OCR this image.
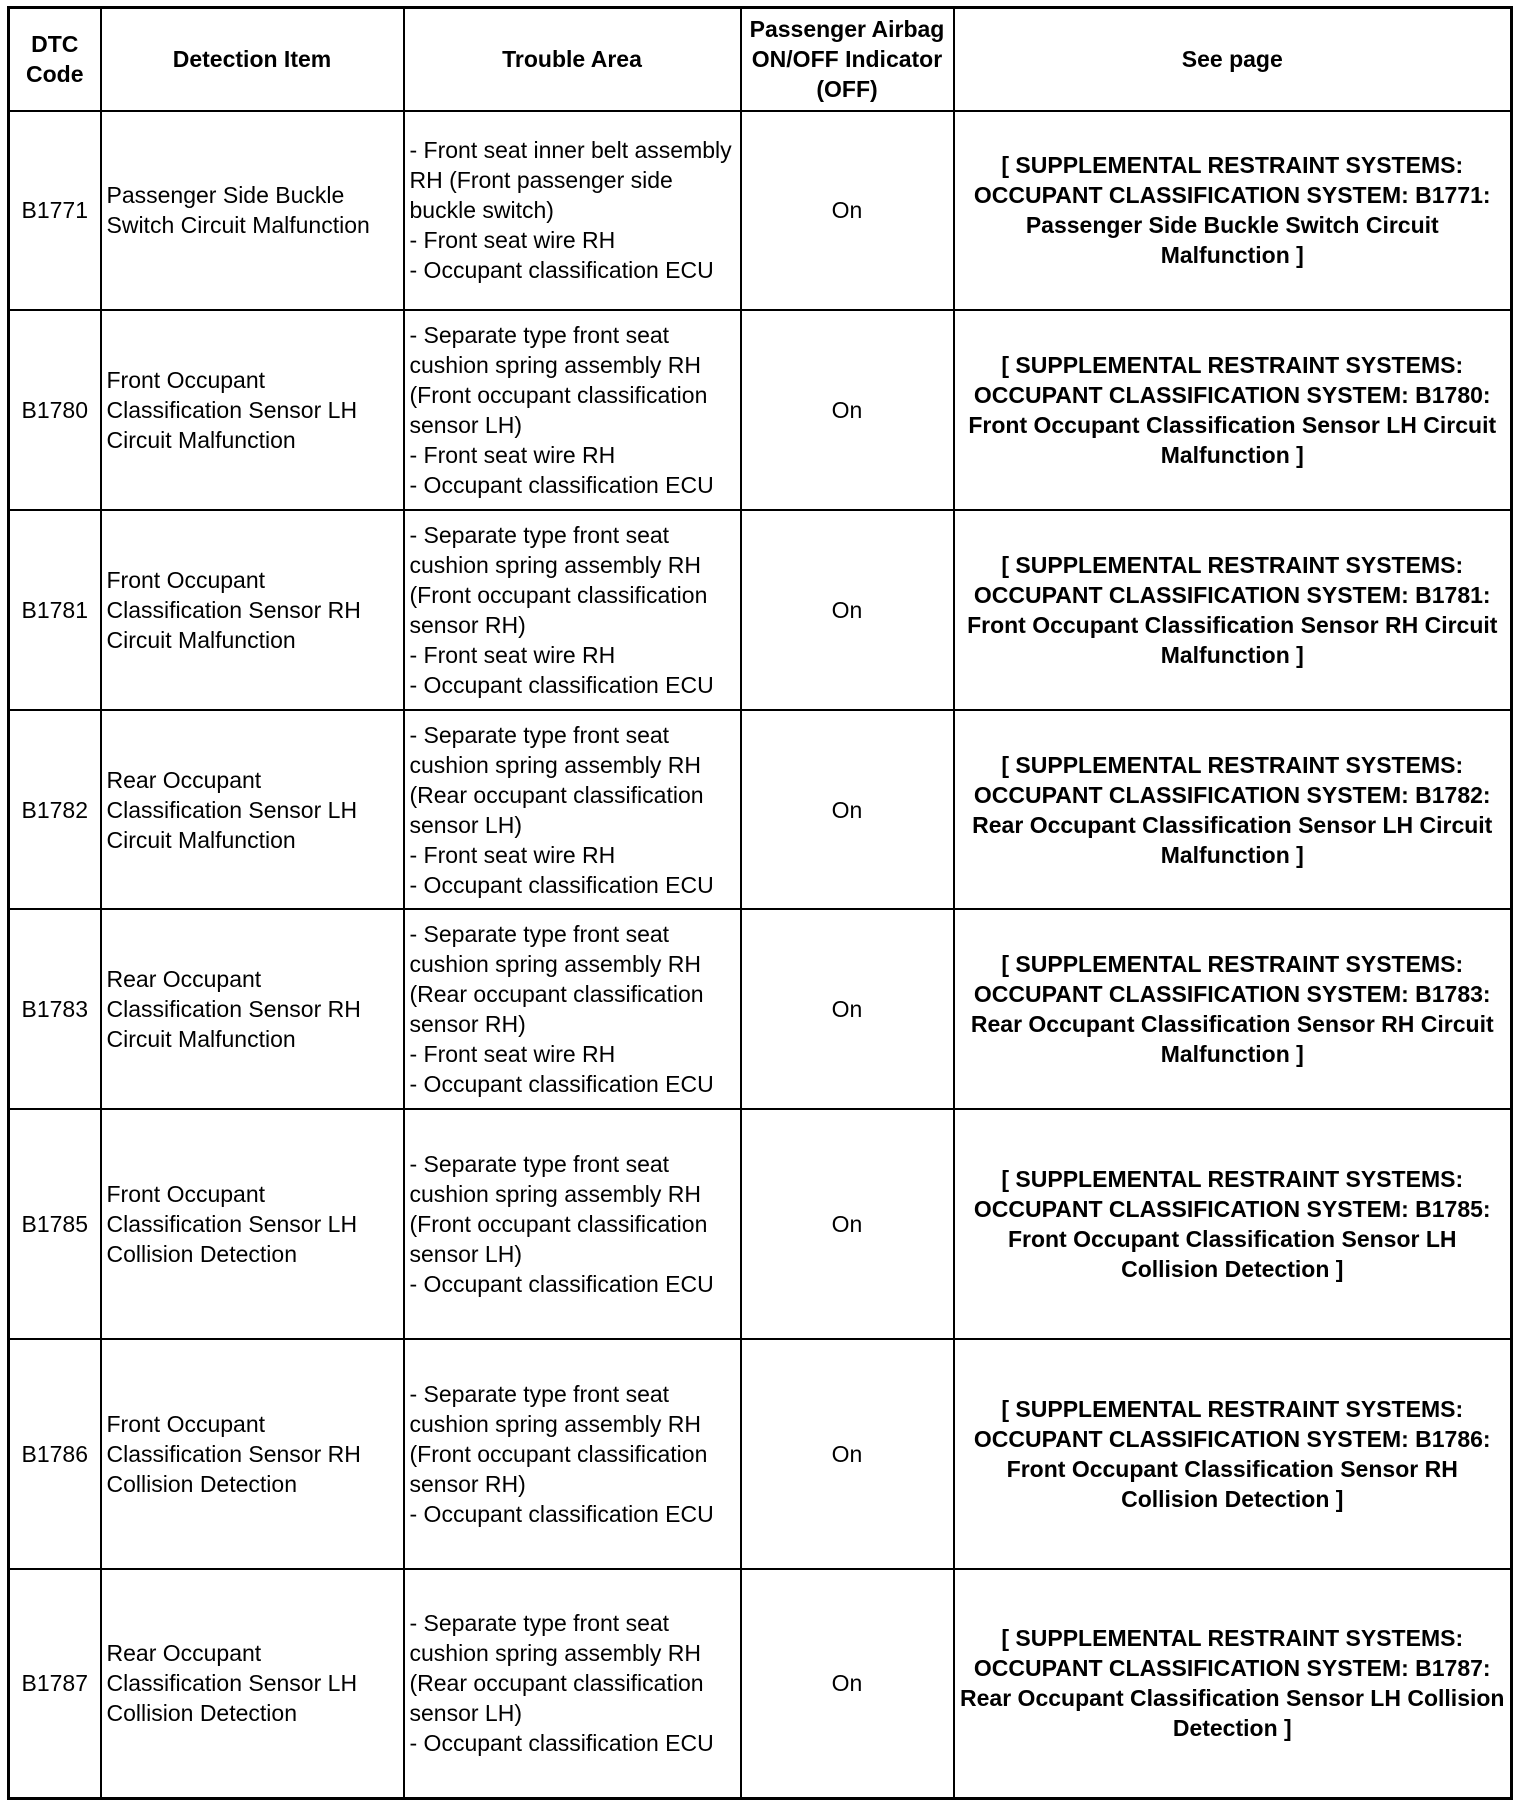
DTC Code	Detection Item	Trouble Area	Passenger Airbag ON/OFF Indicator (OFF)	See page
B1771	Passenger Side Buckle Switch Circuit Malfunction	- Front seat inner belt assembly RH (Front passenger side buckle switch)
- Front seat wire RH
- Occupant classification ECU	On	[ SUPPLEMENTAL RESTRAINT SYSTEMS: OCCUPANT CLASSIFICATION SYSTEM: B1771: Passenger Side Buckle Switch Circuit Malfunction ]
B1780	Front Occupant Classification Sensor LH Circuit Malfunction	- Separate type front seat cushion spring assembly RH (Front occupant classification sensor LH)
- Front seat wire RH
- Occupant classification ECU	On	[ SUPPLEMENTAL RESTRAINT SYSTEMS: OCCUPANT CLASSIFICATION SYSTEM: B1780: Front Occupant Classification Sensor LH Circuit Malfunction ]
B1781	Front Occupant Classification Sensor RH Circuit Malfunction	- Separate type front seat cushion spring assembly RH (Front occupant classification sensor RH)
- Front seat wire RH
- Occupant classification ECU	On	[ SUPPLEMENTAL RESTRAINT SYSTEMS: OCCUPANT CLASSIFICATION SYSTEM: B1781: Front Occupant Classification Sensor RH Circuit Malfunction ]
B1782	Rear Occupant Classification Sensor LH Circuit Malfunction	- Separate type front seat cushion spring assembly RH (Rear occupant classification sensor LH)
- Front seat wire RH
- Occupant classification ECU	On	[ SUPPLEMENTAL RESTRAINT SYSTEMS: OCCUPANT CLASSIFICATION SYSTEM: B1782: Rear Occupant Classification Sensor LH Circuit Malfunction ]
B1783	Rear Occupant Classification Sensor RH Circuit Malfunction	- Separate type front seat cushion spring assembly RH (Rear occupant classification sensor RH)
- Front seat wire RH
- Occupant classification ECU	On	[ SUPPLEMENTAL RESTRAINT SYSTEMS: OCCUPANT CLASSIFICATION SYSTEM: B1783: Rear Occupant Classification Sensor RH Circuit Malfunction ]
B1785	Front Occupant Classification Sensor LH Collision Detection	- Separate type front seat cushion spring assembly RH (Front occupant classification sensor LH)
- Occupant classification ECU	On	[ SUPPLEMENTAL RESTRAINT SYSTEMS: OCCUPANT CLASSIFICATION SYSTEM: B1785: Front Occupant Classification Sensor LH Collision Detection ]
B1786	Front Occupant Classification Sensor RH Collision Detection	- Separate type front seat cushion spring assembly RH (Front occupant classification sensor RH)
- Occupant classification ECU	On	[ SUPPLEMENTAL RESTRAINT SYSTEMS: OCCUPANT CLASSIFICATION SYSTEM: B1786: Front Occupant Classification Sensor RH Collision Detection ]
B1787	Rear Occupant Classification Sensor LH Collision Detection	- Separate type front seat cushion spring assembly RH (Rear occupant classification sensor LH)
- Occupant classification ECU	On	[ SUPPLEMENTAL RESTRAINT SYSTEMS: OCCUPANT CLASSIFICATION SYSTEM: B1787: Rear Occupant Classification Sensor LH Collision Detection ]
